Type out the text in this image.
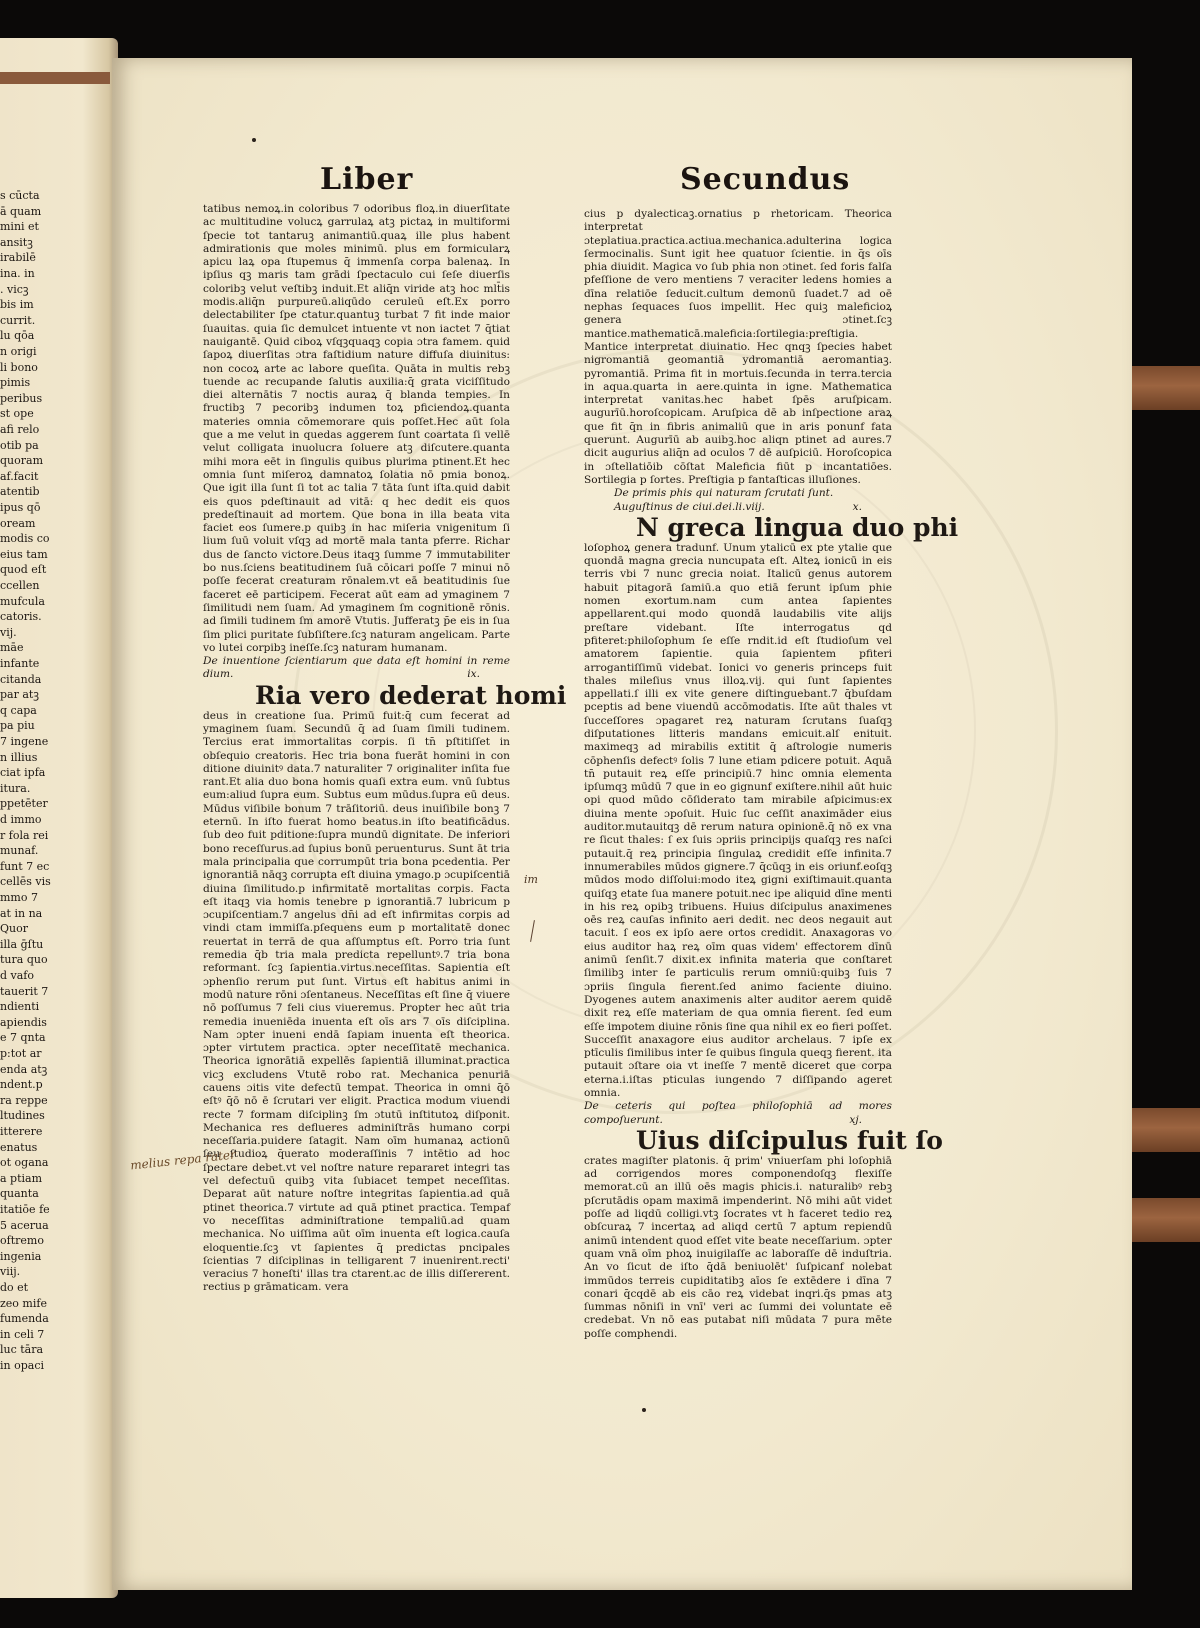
s cūcta
ā quam
mini et
ansitꝫ
irabilē
ina. in
. vicꝫ
bis im
currit.
lu qōa
n origi
li bono
pimis
peribus
st ope
afi relo
otib pa
quoram
af.facit
atentib
ipus qō
oream
modis co
eius tam
quod eſt
ccellen
mufcula
catoris.
vij.
māe
infante
citanda
par atꝫ
q capa
pa piu
7 ingene
n illius
ciat ipfa
itura.
ppetēter
d immo
r fola rei
munaf.
funt 7 ec
cellēs vis
mmo 7
at in na
Quor
illa ḡſtu
tura quo
d vafo
tauerit 7
ndienti
apiendis
e 7 qnta
p:tot ar
enda atꝫ
ndent.p
ra reppe
ltudines
itterere
enatus
ot ogana
a ptiam
quanta
itatiōe fe
5 acerua
oftremo
ingenia
viij.
do et
zeo mife
fumenda
in celi 7
luc tāra
in opaci
Liber	Secundus

tatibus nemoꝝ.in coloribus 7 odoribus floꝝ.in diuerſitate ac multitudine volucꝝ garrulaꝝ atꝫ pictaꝝ in multiformi ſpecie tot tantaruꝫ animantiū.quaꝝ ille plus habent admirationis que moles minimū. plus em formicularꝝ apicu laꝝ opa ſtupemus q̄ immenſa corpa balenaꝝ. In ipſius qꝫ maris tam grādi ſpectaculo cui ſeſe diuerſis coloribꝫ velut veſtibꝫ induit.Et aliq̄n viride atꝫ hoc mlt̄is modis.aliq̄n purpureū.aliqūdo ceruleū eſt.Ex porro delectabiliter ſpe ctatur.quantuꝫ turbat 7 fit inde maior ſuauitas. quia ſic demulcet intuente vt non iactet 7 q̄tiat nauigantē. Quid ciboꝝ vſqꝫquaqꝫ copia ɔtra famem. quid ſapoꝝ diuerſitas ɔtra faſtidium nature diffuſa diuinitus: non cocoꝝ arte ac labore queſita. Quāta in multis rebꝫ tuende ac recupande ſalutis auxilia:q̄ grata viciſſitudo diei alternātis 7 noctis auraꝝ q̄ blanda tempies. In fructibꝫ 7 pecoribꝫ indumen toꝝ pficiendoꝝ.quanta materies omnia cōmemorare quis poſſet.Hec aūt ſola que a me velut in quedas aggerem ſunt coartata ſi vellē velut colligata inuolucra ſoluere atꝫ diſcutere.quanta mihi mora eēt in ſingulis quibus plurima ptinent.Et hec omnia ſunt miſeroꝝ damnatoꝝ ſolatia nō pmia bonoꝝ. Que igit illa ſunt ſi tot ac talia 7 tāta ſunt iſta.quid dabit eis quos pdeſtinauit ad vitā: q hec dedit eis quos predeſtinauit ad mortem. Que bona in illa beata vita faciet eos ſumere.p quibꝫ in hac miſeria vnigenitum ſi lium ſuū voluit vſqꝫ ad mortē mala tanta pferre. Richar dus de ſancto victore.Deus itaqꝫ ſumme 7 immutabiliter bo nus.ſciens beatitudinem ſuā cōicari poſſe 7 minui nō poſſe fecerat creaturam rōnalem.vt eā beatitudinis ſue faceret eē participem. Fecerat aūt eam ad ymaginem 7 ſimilitudi nem ſuam. Ad ymaginem ſm cognitionē rōnis. ad ſimili tudinem ſm amorē Vtutis. Jufferatꝫ p̄e eis in ſua ſim plici puritate ſubſiſtere.ſcꝫ naturam angelicam. Parte vo lutei corpibꝫ ineſſe.ſcꝫ naturam humanam.

De inuentione ſcientiarum que data eſt homini in reme dium.	ix.

Ria vero dederat homi

deus in creatione ſua. Primū fuit:q̄ cum fecerat ad ymaginem ſuam. Secundū q̄ ad ſuam ſimili tudinem. Tercius erat immortalitas corpis. ſi tn̄ pſtitiſſet in obſequio creatoris. Hec tria bona fuerāt homini in con ditione diuinitꝰ data.7 naturaliter 7 originaliter inſita fue rant.Et alia duo bona homis quaſi extra eum. vnū ſubtus eum:aliud ſupra eum. Subtus eum mūdus.ſupra eū deus. Mūdus viſibile bonum 7 trāſitoriū. deus inuiſibile bonꝫ 7 eternū. In iſto fuerat homo beatus.in iſto beatificādus. ſub deo fuit pditione:ſupra mundū dignitate. De inferiori bono receſſurus.ad ſupius bonū peruenturus. Sunt āt tria mala principalia que corrumpūt tria bona pcedentia. Per ignorantiā nāqꝫ corrupta eſt diuina ymago.p ɔcupiſcentiā diuina ſimilitudo.p infirmitatē mortalitas corpis. Facta eſt itaqꝫ via homis tenebre p ignorantiā.7 lubricum p ɔcupiſcentiam.7 angelus dn̄i ad eſt infirmitas corpis ad vindi ctam immiſſa.pſequens eum p mortalitatē donec reuertat in terrā de qua aſſumptus eſt. Porro tria ſunt remedia q̄b tria mala predicta repelluntꝰ.7 tria bona reformant. ſcꝫ ſapientia.virtus.neceſſitas. Sapientia eſt ɔphenſio rerum put ſunt. Virtus eſt habitus animi in modū nature rōni ɔſentaneus. Neceſſitas eſt ſine q̄ viuere nō poſſumus 7 feli cius viueremus. Propter hec aūt tria remedia inueniēda inuenta eſt oīs ars 7 oīs diſciplina. Nam ɔpter inueni endā ſapiam inuenta eſt theorica. ɔpter virtutem practica. ɔpter neceſſitatē mechanica. Theorica ignorātiā expellēs ſapientiā illuminat.practica vicꝫ excludens Vtutē robo rat. Mechanica penuriā cauens ɔitis vite defectū tempat. Theorica in omni q̄ō eſtꝰ q̄ō nō ē ſcrutari ver eligit. Practica modum viuendi recte 7 formam diſciplinꝫ ſm ɔtutū inſtitutoꝝ diſponit. Mechanica res deflueres adminiſtrās humano corpi neceſſaria.puidere ſatagit. Nam oīm humanaꝝ actionū ſeu ſtudioꝝ q̄uerato moderaſſinis 7 intētio ad hoc ſpectare debet.vt vel noſtre nature repararet integri tas vel defectuū quibꝫ vita ſubiacet tempet neceſſitas. Deparat aūt nature noſtre integritas ſapientia.ad quā ptinet theorica.7 virtute ad quā ptinet practica. Tempaf vo neceſſitas adminiſtratione tempaliū.ad quam mechanica. No uiſſima aūt oīm inuenta eſt logica.cauſa eloquentie.ſcꝫ vt ſapientes q̄ predictas pncipales ſcientias 7 diſciplinas in telligarent 7 inuenirent.recti' veracius 7 honeſti' illas tra ctarent.ac de illis diſſererent. rectius p grāmaticam. vera

cius p dyalecticaꝫ.ornatius p rhetoricam. Theorica interpretat ɔteplatiua.practica.actiua.mechanica.adulterina logica ſermocinalis. Sunt igit hee quatuor ſcientie. in q̄s oīs phia diuidit. Magica vo ſub phia non ɔtinet. ſed foris falſa pfeſſione de vero mentiens 7 veraciter ledens homies a dīna relatiōe ſeducit.cultum demonū ſuadet.7 ad oē nephas ſequaces ſuos impellit. Hec quiꝫ maleficioꝝ genera ɔtinet.ſcꝫ mantice.mathematicā.maleficia:ſortilegia:preſtigia. Mantice interpretat diuinatio. Hec qnqꝫ ſpecies habet nigromantiā geomantiā ydromantiā aeromantiaꝫ. pyromantiā. Prima fit in mortuis.ſecunda in terra.tercia in aqua.quarta in aere.quinta in igne. Mathematica interpretat vanitas.hec habet ſpēs aruſpicam. augurīū.horoſcopicam. Aruſpica dē ab inſpectione araꝝ que fit q̄n in fibris animaliū que in aris ponunf fata querunt. Augurīū ab auibꝫ.hoc aliqn ptinet ad aures.7 dicit augurius aliq̄n ad oculos 7 dē auſpiciū. Horoſcopica in ɔſtellatiōib cōſtat Maleficia fiūt p incantatiōes. Sortilegia p ſortes. Preſtigia p fantaſticas illuſiones.

De primis phis qui naturam ſcrutati ſunt.

Auguſtinus de ciui.dei.li.viij.	x.

N greca lingua duo phi

loſophoꝝ genera tradunf. Unum ytalicū ex pte ytalie que quondā magna grecia nuncupata eſt. Alteꝝ ionicū in eis terris vbi 7 nunc grecia noiat. Italicū genus autorem habuit pitagorā ſamiū.a quo etiā ferunt ipſum phie nomen exortum.nam cum antea ſapientes appellarent.qui modo quondā laudabilis vite alijs preſtare videbant. Iſte interrogatus qd pfiteret:philoſophum ſe eſſe rndit.id eſt ſtudioſum vel amatorem ſapientie. quia ſapientem pfiteri arrogantiſſimū videbat. Ionici vo generis princeps fuit thales mileſius vnus illoꝝ.vij. qui ſunt ſapientes appellati.ſ illi ex vite genere diſtinguebant.7 q̄buſdam pceptis ad bene viuendū accōmodatis. Iſte aūt thales vt ſucceſſores ɔpagaret reꝝ naturam ſcrutans ſuaſqꝫ diſputationes litteris mandans emicuit.alſ enituit. maximeqꝫ ad mirabilis extitit q̄ aſtrologie numeris cōphenſis defectꝰ ſolis 7 lune etiam pdicere potuit. Aquā tn̄ putauit reꝝ eſſe principiū.7 hinc omnia elementa ipſumqꝫ mūdū 7 que in eo gignunf exiſtere.nihil aūt huic opi quod mūdo cōſiderato tam mirabile aſpicimus:ex diuina mente ɔpoſuit. Huic ſuc ceſſit anaximāder eius auditor.mutauitqꝫ dē rerum natura opinionē.q̄ nō ex vna re ſicut thales: ſ ex ſuis ɔpriis principijs quaſqꝫ res naſci putauit.q̄ reꝝ principia ſingulaꝝ credidit eſſe infinita.7 innumerabiles mūdos gignere.7 q̄cūqꝫ in eis oriunf.eoſqꝫ mūdos modo diſſolui:modo iteꝝ gigni exiſtimauit.quanta quiſqꝫ etate ſua manere potuit.nec ipe aliquid dīne menti in his reꝝ opibꝫ tribuens. Huius diſcipulus anaximenes oēs reꝝ cauſas infinito aeri dedit. nec deos negauit aut tacuit. ſ eos ex ipſo aere ortos credidit. Anaxagoras vo eius auditor haꝝ reꝝ oīm quas videm' effectorem dīnū animū ſenſit.7 dixit.ex infinita materia que conſtaret ſimilibꝫ inter ſe particulis rerum omniū:quibꝫ ſuis 7 ɔpriis ſingula fierent.ſed animo faciente diuino. Dyogenes autem anaximenis alter auditor aerem quidē dixit reꝝ eſſe materiam de qua omnia fierent. ſed eum eſſe impotem diuine rōnis ſine qua nihil ex eo fieri poſſet. Succeſſit anaxagore eius auditor archelaus. 7 ipſe ex ptīculis ſimilibus inter ſe quibus ſingula queqꝫ fierent. ita putauit ɔſtare oia vt ineſſe 7 mentē diceret que corpa eterna.i.iſtas pticulas iungendo 7 diſſipando ageret omnia.

De ceteris qui poſtea philoſophiā ad mores compoſuerunt.	xj.

Uius diſcipulus fuit ſo

crates magiſter platonis. q̄ prim' vniuerſam phi loſophiā ad corrigendos mores componendoſqꝫ flexiſſe memorat.cū an illū oēs magis phicis.i. naturalibꝰ rebꝫ pſcrutādis opam maximā impenderint. Nō mihi aūt videt poſſe ad liqdū colligi.vtꝫ ſocrates vt h faceret tedio reꝝ obſcuraꝝ 7 incertaꝝ ad aliqd certū 7 aptum repiendū animū intendent quod eſſet vite beate neceſſarium. ɔpter quam vnā oīm phoꝝ inuigilaſſe ac laboraſſe dē induſtria. An vo ſicut de iſto q̄dā beniuolēt' ſuſpicanf nolebat immūdos terreis cupiditatibꝫ aīos ſe extēdere i dīna 7 conari q̄cqdē ab eis cāo reꝝ videbat inqri.q̄s pmas atꝫ ſummas nōniſi in vnī' veri ac ſummi dei voluntate eē credebat. Vn nō eas putabat niſi mūdata 7 pura mēte poſſe comphendi.

melius repa rater
im
